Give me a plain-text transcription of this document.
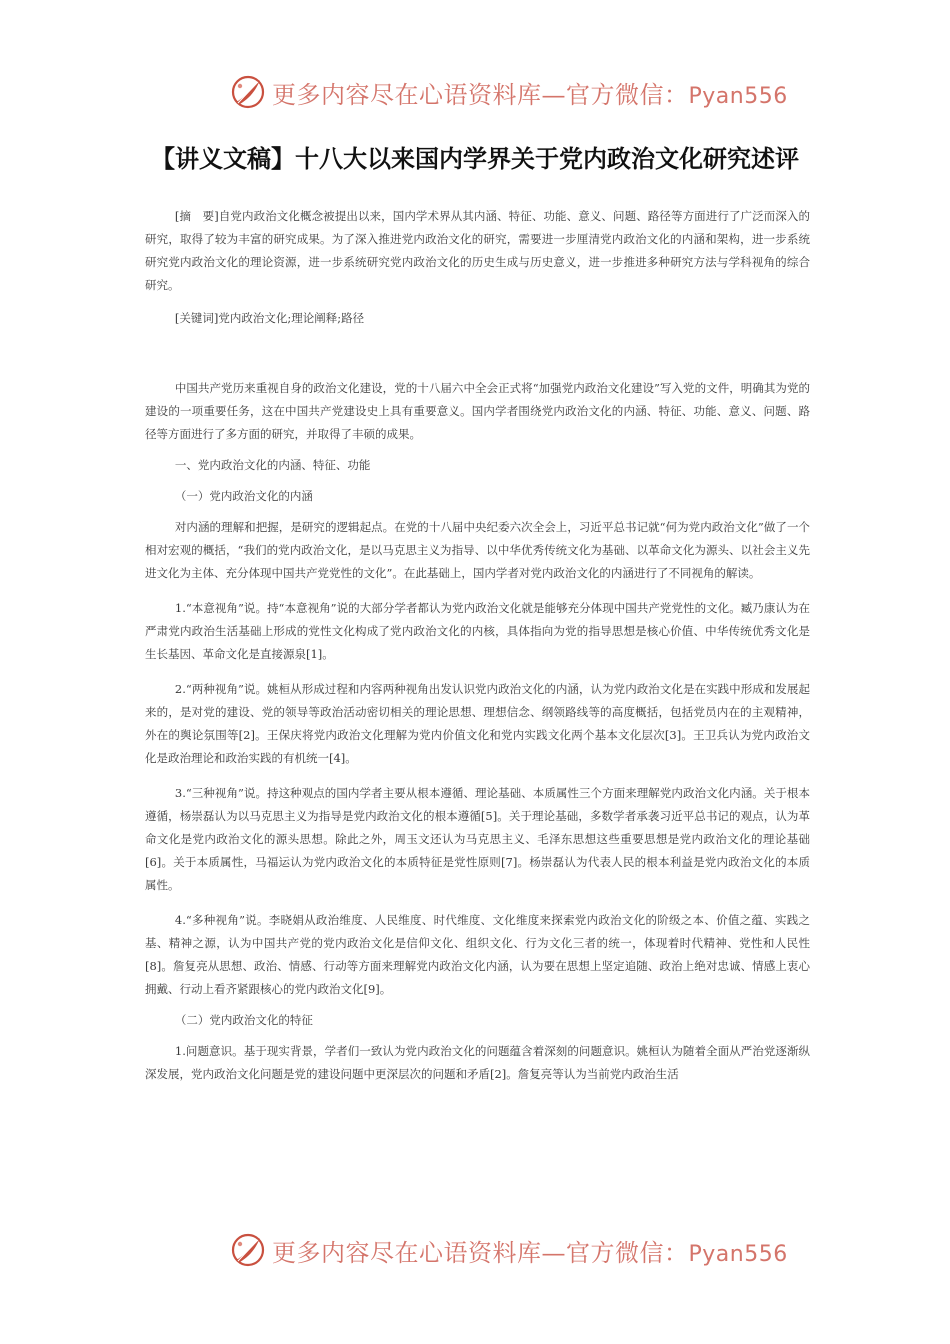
更多内容尽在心语资料库—官方微信：Pyan556
【讲义文稿】十八大以来国内学界关于党内政治文化研究述评

[摘　要]自党内政治文化概念被提出以来，国内学术界从其内涵、特征、功能、意义、问题、路径等方面进行了广泛而深入的研究，取得了较为丰富的研究成果。为了深入推进党内政治文化的研究，需要进一步厘清党内政治文化的内涵和架构，进一步系统研究党内政治文化的理论资源，进一步系统研究党内政治文化的历史生成与历史意义，进一步推进多种研究方法与学科视角的综合研究。

[关键词]党内政治文化;理论阐释;路径

中国共产党历来重视自身的政治文化建设，党的十八届六中全会正式将“加强党内政治文化建设”写入党的文件，明确其为党的建设的一项重要任务，这在中国共产党建设史上具有重要意义。国内学者围绕党内政治文化的内涵、特征、功能、意义、问题、路径等方面进行了多方面的研究，并取得了丰硕的成果。

一、党内政治文化的内涵、特征、功能

（一）党内政治文化的内涵

对内涵的理解和把握，是研究的逻辑起点。在党的十八届中央纪委六次全会上，习近平总书记就“何为党内政治文化”做了一个相对宏观的概括，“我们的党内政治文化，是以马克思主义为指导、以中华优秀传统文化为基础、以革命文化为源头、以社会主义先进文化为主体、充分体现中国共产党党性的文化”。在此基础上，国内学者对党内政治文化的内涵进行了不同视角的解读。

1.“本意视角”说。持“本意视角”说的大部分学者都认为党内政治文化就是能够充分体现中国共产党党性的文化。臧乃康认为在严肃党内政治生活基础上形成的党性文化构成了党内政治文化的内核，具体指向为党的指导思想是核心价值、中华传统优秀文化是生长基因、革命文化是直接源泉[1]。

2.“两种视角”说。姚桓从形成过程和内容两种视角出发认识党内政治文化的内涵，认为党内政治文化是在实践中形成和发展起来的，是对党的建设、党的领导等政治活动密切相关的理论思想、理想信念、纲领路线等的高度概括，包括党员内在的主观精神，外在的舆论氛围等[2]。王保庆将党内政治文化理解为党内价值文化和党内实践文化两个基本文化层次[3]。王卫兵认为党内政治文化是政治理论和政治实践的有机统一[4]。

3.“三种视角”说。持这种观点的国内学者主要从根本遵循、理论基础、本质属性三个方面来理解党内政治文化内涵。关于根本遵循，杨崇磊认为以马克思主义为指导是党内政治文化的根本遵循[5]。关于理论基础，多数学者承袭习近平总书记的观点，认为革命文化是党内政治文化的源头思想。除此之外，周玉文还认为马克思主义、毛泽东思想这些重要思想是党内政治文化的理论基础[6]。关于本质属性，马福运认为党内政治文化的本质特征是党性原则[7]。杨崇磊认为代表人民的根本利益是党内政治文化的本质属性。

4.“多种视角”说。李晓娟从政治维度、人民维度、时代维度、文化维度来探索党内政治文化的阶级之本、价值之蕴、实践之基、精神之源，认为中国共产党的党内政治文化是信仰文化、组织文化、行为文化三者的统一，体现着时代精神、党性和人民性[8]。詹复亮从思想、政治、情感、行动等方面来理解党内政治文化内涵，认为要在思想上坚定追随、政治上绝对忠诚、情感上衷心拥戴、行动上看齐紧跟核心的党内政治文化[9]。

（二）党内政治文化的特征

1.问题意识。基于现实背景，学者们一致认为党内政治文化的问题蕴含着深刻的问题意识。姚桓认为随着全面从严治党逐渐纵深发展，党内政治文化问题是党的建设问题中更深层次的问题和矛盾[2]。詹复亮等认为当前党内政治生活

更多内容尽在心语资料库—官方微信：Pyan556
